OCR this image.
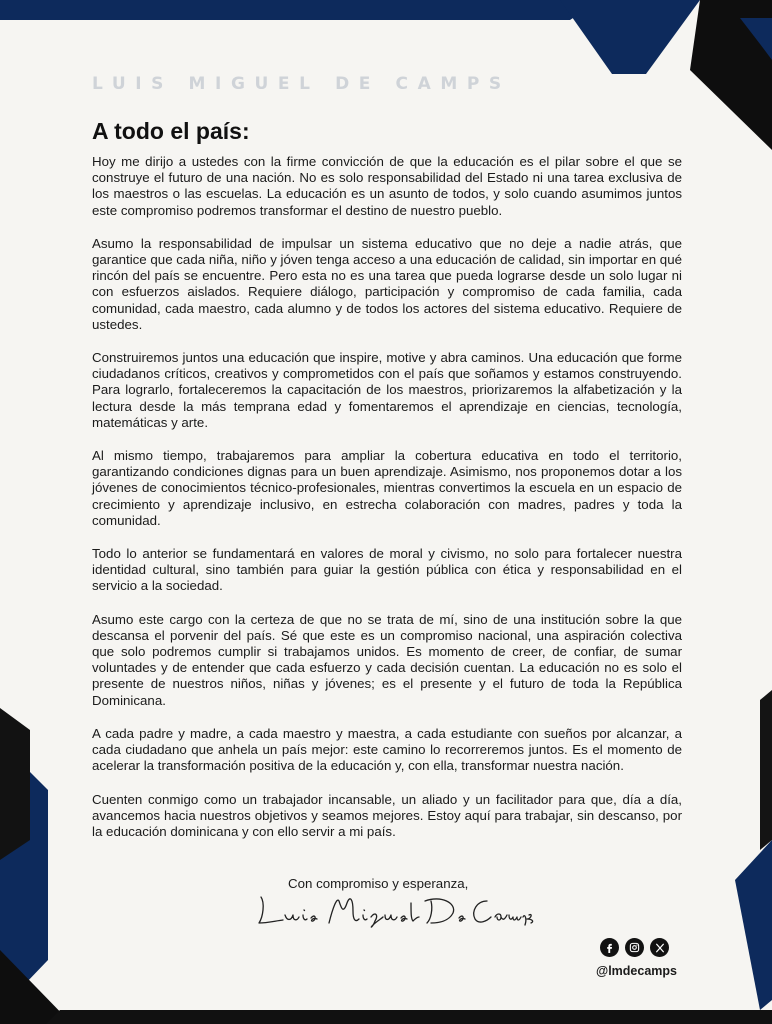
LUIS MIGUEL DE CAMPS
A todo el país:

Hoy me dirijo a ustedes con la firme convicción de que la educación es el pilar sobre el que se construye el futuro de una nación. No es solo responsabilidad del Estado ni una tarea exclusiva de los maestros o las escuelas. La educación es un asunto de todos, y solo cuando asumimos juntos este compromiso podremos transformar el destino de nuestro pueblo.

Asumo la responsabilidad de impulsar un sistema educativo que no deje a nadie atrás, que garantice que cada niña, niño y jóven tenga acceso a una educación de calidad, sin importar en qué rincón del país se encuentre. Pero esta no es una tarea que pueda lograrse desde un solo lugar ni con esfuerzos aislados. Requiere diálogo, participación y compromiso de cada familia, cada comunidad, cada maestro, cada alumno y de todos los actores del sistema educativo. Requiere de ustedes.

Construiremos juntos una educación que inspire, motive y abra caminos. Una educación que forme ciudadanos críticos, creativos y comprometidos con el país que soñamos y estamos construyendo. Para lograrlo, fortaleceremos la capacitación de los maestros, priorizaremos la alfabetización y la lectura desde la más temprana edad y fomentaremos el aprendizaje en ciencias, tecnología, matemáticas y arte.

Al mismo tiempo, trabajaremos para ampliar la cobertura educativa en todo el territorio, garantizando condiciones dignas para un buen aprendizaje. Asimismo, nos proponemos dotar a los jóvenes de conocimientos técnico-profesionales, mientras convertimos la escuela en un espacio de crecimiento y aprendizaje inclusivo, en estrecha colaboración con madres, padres y toda la comunidad.

Todo lo anterior se fundamentará en valores de moral y civismo, no solo para fortalecer nuestra identidad cultural, sino también para guiar la gestión pública con ética y responsabilidad en el servicio a la sociedad.

Asumo este cargo con la certeza de que no se trata de mí, sino de una institución sobre la que descansa el porvenir del país. Sé que este es un compromiso nacional, una aspiración colectiva que solo podremos cumplir si trabajamos unidos. Es momento de creer, de confiar, de sumar voluntades y de entender que cada esfuerzo y cada decisión cuentan. La educación no es solo el presente de nuestros niños, niñas y jóvenes; es el presente y el futuro de toda la República Dominicana.

A cada padre y madre, a cada maestro y maestra, a cada estudiante con sueños por alcanzar, a cada ciudadano que anhela un país mejor: este camino lo recorreremos juntos. Es el momento de acelerar la transformación positiva de la educación y, con ella, transformar nuestra nación.

Cuenten conmigo como un trabajador incansable, un aliado y un facilitador para que, día a día, avancemos hacia nuestros objetivos y seamos mejores. Estoy aquí para trabajar, sin descanso, por la educación dominicana y con ello servir a mi país.

Con compromiso y esperanza,
@lmdecamps
